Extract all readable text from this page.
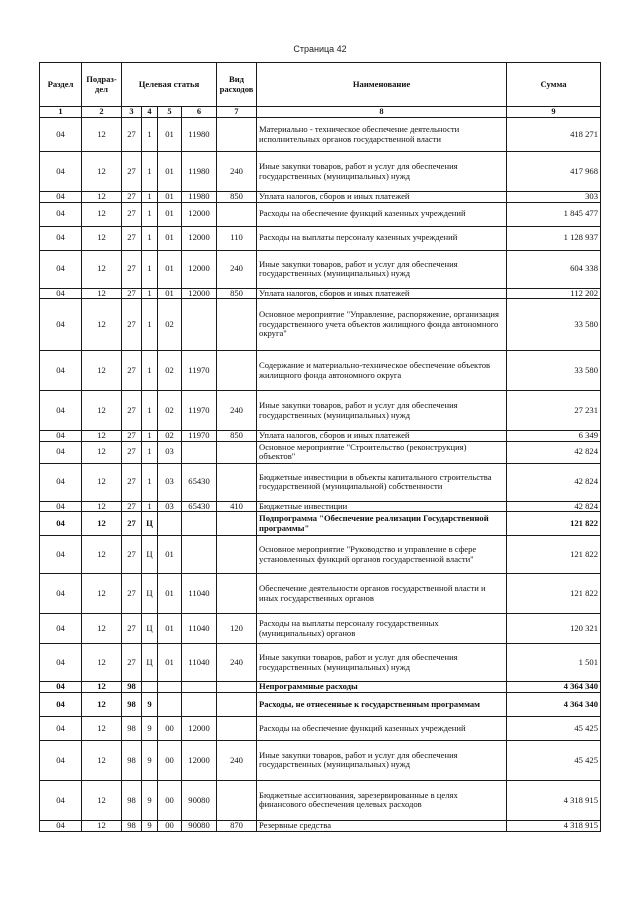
Страница 42
Раздел	Подраз-дел	Целевая статья				Вид расходов	Наименование	Сумма
1	2	3	4	5	6	7	8	9
04	12	27	1	01	11980		Материально - техническое обеспечение деятельности исполнительных органов государственной власти	418 271
04	12	27	1	01	11980	240	Иные закупки товаров, работ и услуг для обеспечения государственных (муниципальных) нужд	417 968
04	12	27	1	01	11980	850	Уплата налогов, сборов и иных платежей	303
04	12	27	1	01	12000		Расходы на обеспечение функций казенных учреждений	1 845 477
04	12	27	1	01	12000	110	Расходы на выплаты персоналу казенных учреждений	1 128 937
04	12	27	1	01	12000	240	Иные закупки товаров, работ и услуг для обеспечения государственных (муниципальных) нужд	604 338
04	12	27	1	01	12000	850	Уплата налогов, сборов и иных платежей	112 202
04	12	27	1	02			Основное мероприятие "Управление, распоряжение, организация государственного учета объектов жилищного фонда автономного округа"	33 580
04	12	27	1	02	11970		Содержание и материально-техническое обеспечение объектов жилищного фонда автономного округа	33 580
04	12	27	1	02	11970	240	Иные закупки товаров, работ и услуг для обеспечения государственных (муниципальных) нужд	27 231
04	12	27	1	02	11970	850	Уплата налогов, сборов и иных платежей	6 349
04	12	27	1	03			Основное мероприятие "Строительство (реконструкция) объектов"	42 824
04	12	27	1	03	65430		Бюджетные инвестиции в объекты капитального строительства государственной (муниципальной) собственности	42 824
04	12	27	1	03	65430	410	Бюджетные инвестиции	42 824
04	12	27	Ц				Подпрограмма "Обеспечение реализации Государственной программы"	121 822
04	12	27	Ц	01			Основное мероприятие "Руководство и управление в сфере установленных функций органов государственной власти"	121 822
04	12	27	Ц	01	11040		Обеспечение деятельности органов государственной власти и иных государственных органов	121 822
04	12	27	Ц	01	11040	120	Расходы на выплаты персоналу государственных (муниципальных) органов	120 321
04	12	27	Ц	01	11040	240	Иные закупки товаров, работ и услуг для обеспечения государственных (муниципальных) нужд	1 501
04	12	98					Непрограммные расходы	4 364 340
04	12	98	9				Расходы, не отнесенные к государственным программам	4 364 340
04	12	98	9	00	12000		Расходы на обеспечение функций казенных учреждений	45 425
04	12	98	9	00	12000	240	Иные закупки товаров, работ и услуг для обеспечения государственных (муниципальных) нужд	45 425
04	12	98	9	00	90080		Бюджетные ассигнования, зарезервированные в целях финансового обеспечения целевых расходов	4 318 915
04	12	98	9	00	90080	870	Резервные средства	4 318 915
